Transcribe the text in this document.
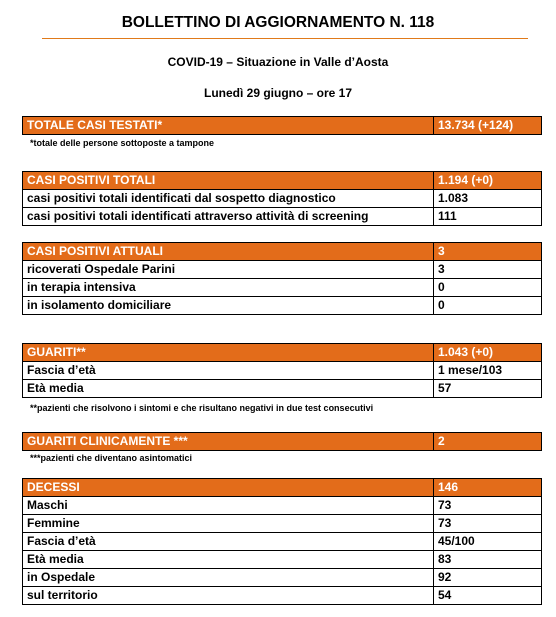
BOLLETTINO DI AGGIORNAMENTO N. 118
COVID-19 – Situazione in Valle d’Aosta
Lunedì 29 giugno – ore 17
TOTALE CASI TESTATI*	13.734 (+124)
*totale delle persone sottoposte a tampone
CASI POSITIVI TOTALI	1.194 (+0)
casi positivi totali identificati dal sospetto diagnostico	1.083
casi positivi totali identificati attraverso attività di screening	111
CASI POSITIVI ATTUALI	3
ricoverati Ospedale Parini	3
in terapia intensiva	0
in isolamento domiciliare	0
GUARITI**	1.043 (+0)
Fascia d’età	1 mese/103
Età media	57
**pazienti che risolvono i sintomi e che risultano negativi in due test consecutivi
GUARITI CLINICAMENTE ***	2
***pazienti che diventano asintomatici
DECESSI	146
Maschi	73
Femmine	73
Fascia d’età	45/100
Età media	83
in Ospedale	92
sul territorio	54
